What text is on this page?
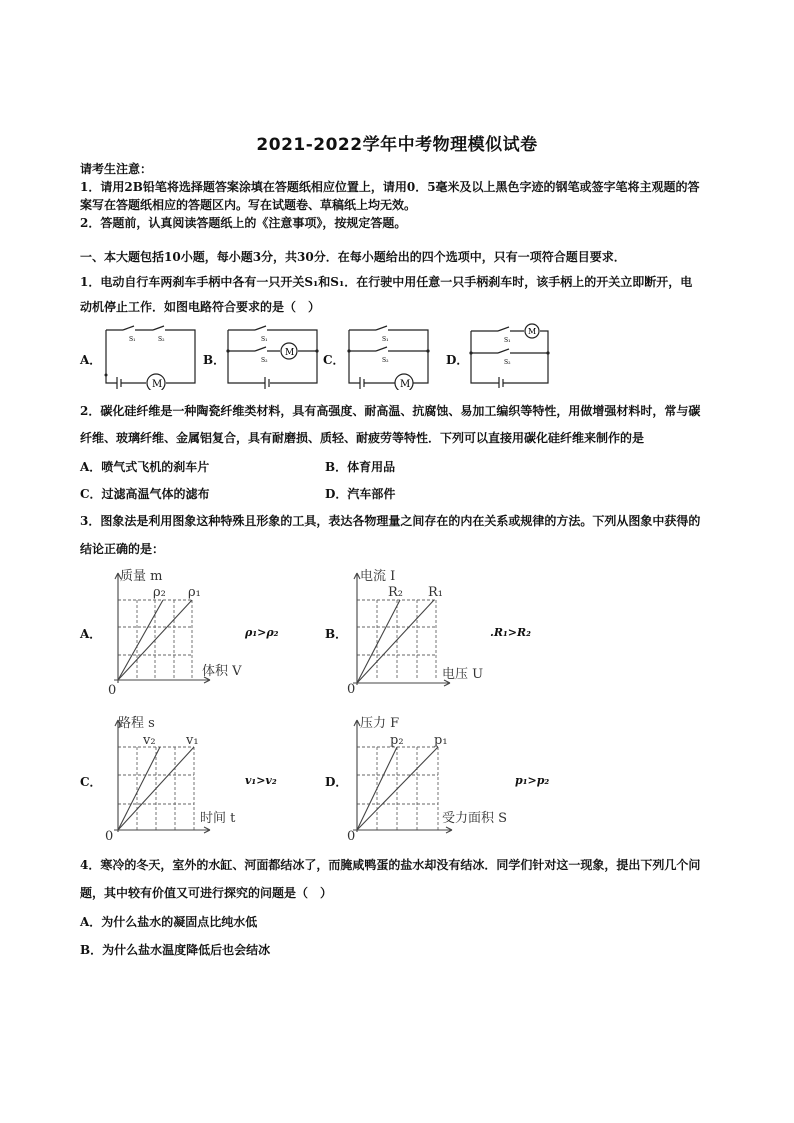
2021-2022学年中考物理模似试卷
请考生注意：
1．请用2B铅笔将选择题答案涂填在答题纸相应位置上，请用0．5毫米及以上黑色字迹的钢笔或签字笔将主观题的答
案写在答题纸相应的答题区内。写在试题卷、草稿纸上均无效。
2．答题前，认真阅读答题纸上的《注意事项》，按规定答题。
一、本大题包括10小题，每小题3分，共30分．在每小题给出的四个选项中，只有一项符合题目要求．
1．电动自行车两刹车手柄中各有一只开关S₁和S₁．在行驶中用任意一只手柄刹车时，该手柄上的开关立即断开，电
动机停止工作．如图电路符合要求的是（　）
A．	B．	C．	D．
S₁	S₂
M
S₁
S₂
M
S₁
S₂
M
S₁
S₂
M
2．碳化硅纤维是一种陶瓷纤维类材料，具有高强度、耐高温、抗腐蚀、易加工编织等特性，用做增强材料时，常与碳
纤维、玻璃纤维、金属铝复合，具有耐磨损、质轻、耐疲劳等特性．下列可以直接用碳化硅纤维来制作的是
A．喷气式飞机的刹车片	B．体育用品
C．过滤高温气体的滤布	D．汽车部件
3．图象法是利用图象这种特殊且形象的工具，表达各物理量之间存在的内在关系或规律的方法。下列从图象中获得的
结论正确的是：
A．
质量 m
体积 V
ρ₂ ρ₁
0
ρ₁>ρ₂	B．
电流 I
电压 U
R₂ R₁
0
.R₁>R₂
C．
路程 s
时间 t
v₂ v₁
0
v₁>v₂	D．
压力 F
受力面积 S
p₂ p₁
0
p₁>p₂
4．寒冷的冬天，室外的水缸、河面都结冰了，而腌咸鸭蛋的盐水却没有结冰．同学们针对这一现象，提出下列几个问
题，其中较有价值又可进行探究的问题是（　）
A．为什么盐水的凝固点比纯水低
B．为什么盐水温度降低后也会结冰
